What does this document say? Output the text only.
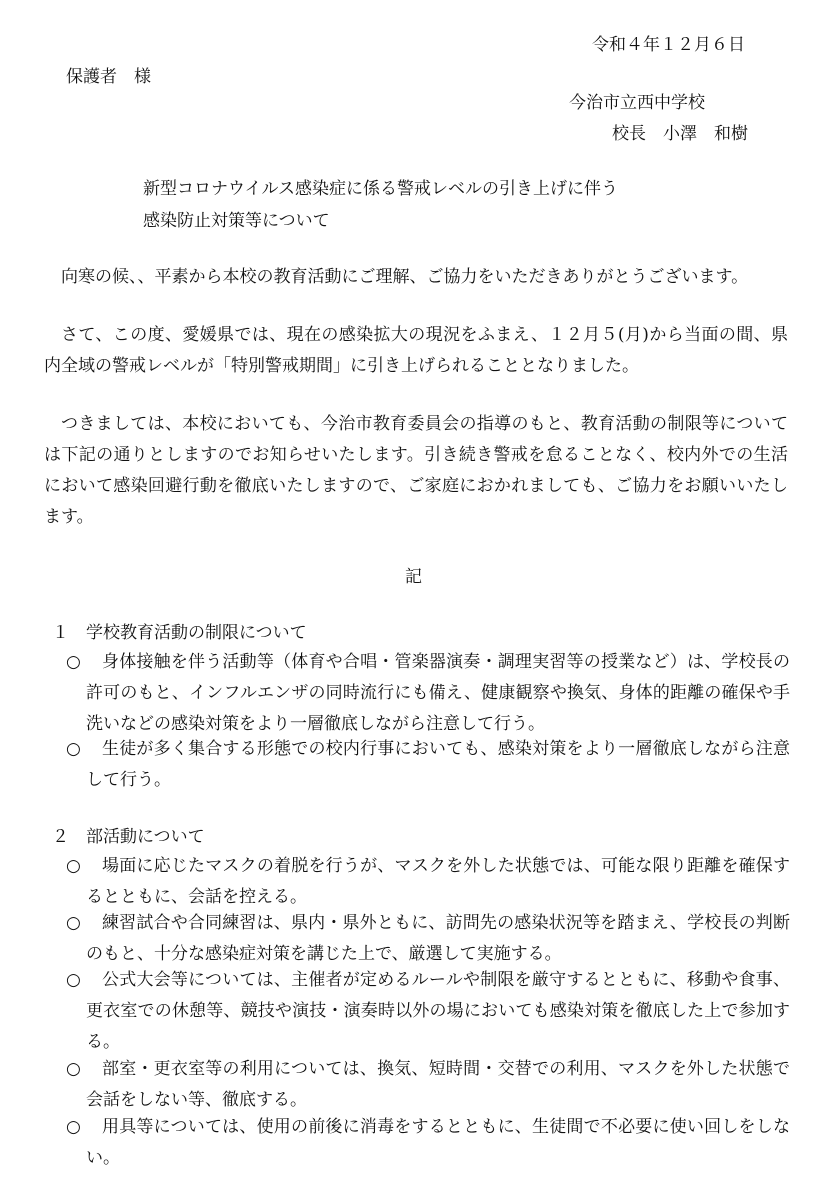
令和４年１２月６日
保護者　様
今治市立西中学校
校長　小澤　和樹
新型コロナウイルス感染症に係る警戒レベルの引き上げに伴う
感染防止対策等について

向寒の候、、平素から本校の教育活動にご理解、ご協力をいただきありがとうございます。

さて、この度、愛媛県では、現在の感染拡大の現況をふまえ、１２月５(月)から当面の間、県内全域の警戒レベルが「特別警戒期間」に引き上げられることとなりました。

つきましては、本校においても、今治市教育委員会の指導のもと、教育活動の制限等については下記の通りとしますのでお知らせいたします。引き続き警戒を怠ることなく、校内外での生活において感染回避行動を徹底いたしますので、ご家庭におかれましても、ご協力をお願いいたします。

記
１　学校教育活動の制限について
○	身体接触を伴う活動等（体育や合唱・管楽器演奏・調理実習等の授業など）は、学校長の許可のもと、インフルエンザの同時流行にも備え、健康観察や換気、身体的距離の確保や手洗いなどの感染対策をより一層徹底しながら注意して行う。
○	生徒が多く集合する形態での校内行事においても、感染対策をより一層徹底しながら注意して行う。
２　部活動について
○	場面に応じたマスクの着脱を行うが、マスクを外した状態では、可能な限り距離を確保するとともに、会話を控える。
○	練習試合や合同練習は、県内・県外ともに、訪問先の感染状況等を踏まえ、学校長の判断のもと、十分な感染症対策を講じた上で、厳選して実施する。
○	公式大会等については、主催者が定めるルールや制限を厳守するとともに、移動や食事、更衣室での休憩等、競技や演技・演奏時以外の場においても感染対策を徹底した上で参加する。
○	部室・更衣室等の利用については、換気、短時間・交替での利用、マスクを外した状態で会話をしない等、徹底する。
○	用具等については、使用の前後に消毒をするとともに、生徒間で不必要に使い回しをしない。
